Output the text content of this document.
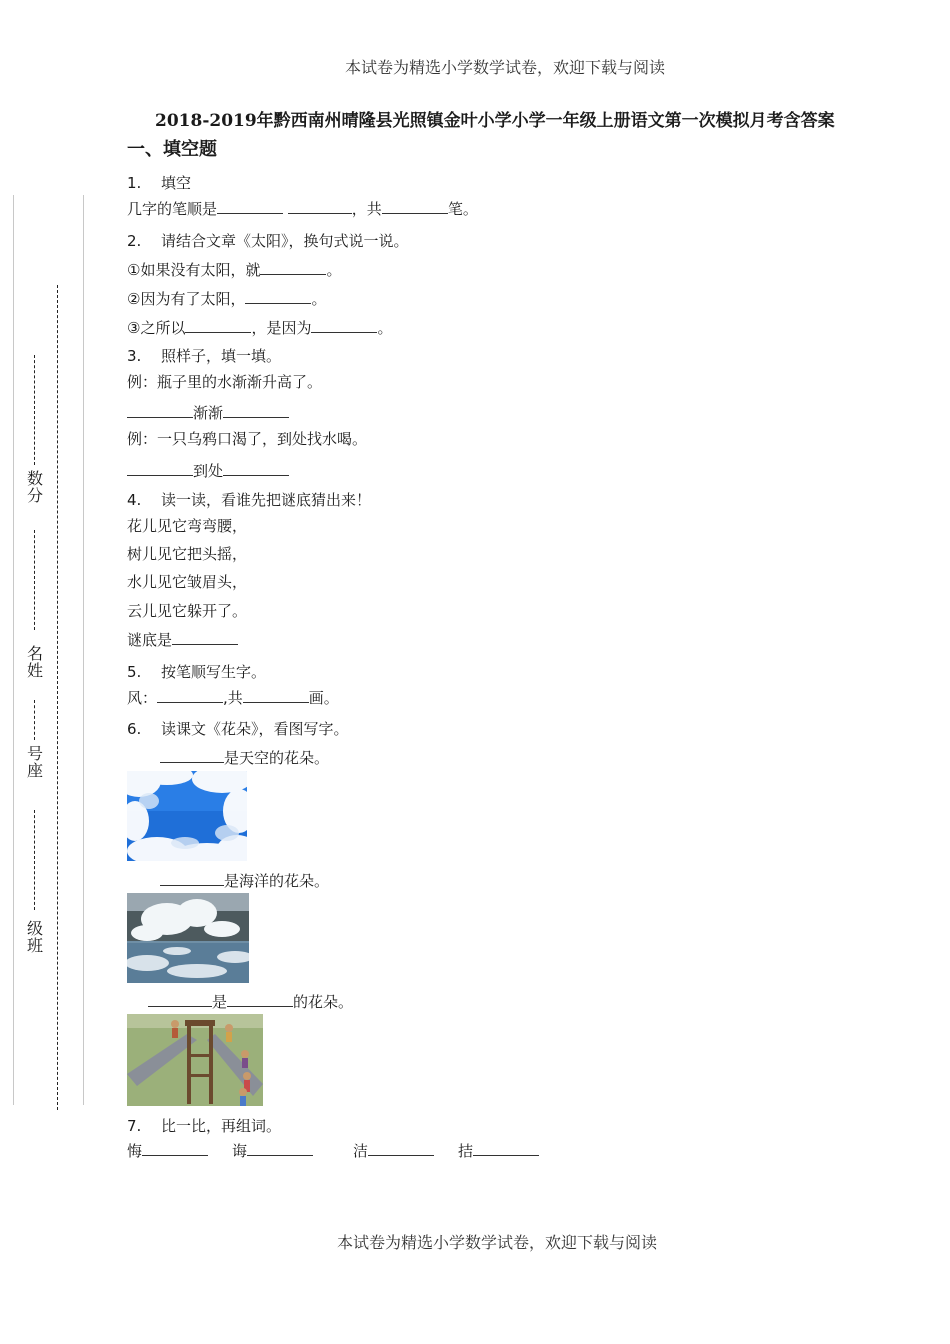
本试卷为精选小学数学试卷，欢迎下载与阅读
本试卷为精选小学数学试卷，欢迎下载与阅读
2018-2019年黔西南州晴隆县光照镇金叶小学小学一年级上册语文第一次模拟月考含答案
一、填空题
数分
名姓
号座
级班
1. 填空
几字的笔顺是	，共	笔。
2. 请结合文章《太阳》，换句式说一说。
①如果没有太阳，就	。
②因为有了太阳，	。
③之所以	，是因为	。
3. 照样子，填一填。
例：瓶子里的水渐渐升高了。
渐渐
例：一只乌鸦口渴了，到处找水喝。
到处
4. 读一读，看谁先把谜底猜出来！
花儿见它弯弯腰，
树儿见它把头摇，
水儿见它皱眉头，
云儿见它躲开了。
谜底是
5. 按笔顺写生字。
风：	,共	画。
6. 读课文《花朵》，看图写字。
是天空的花朵。
是海洋的花朵。
是	的花朵。
7. 比一比，再组词。
悔	诲	洁	拮
